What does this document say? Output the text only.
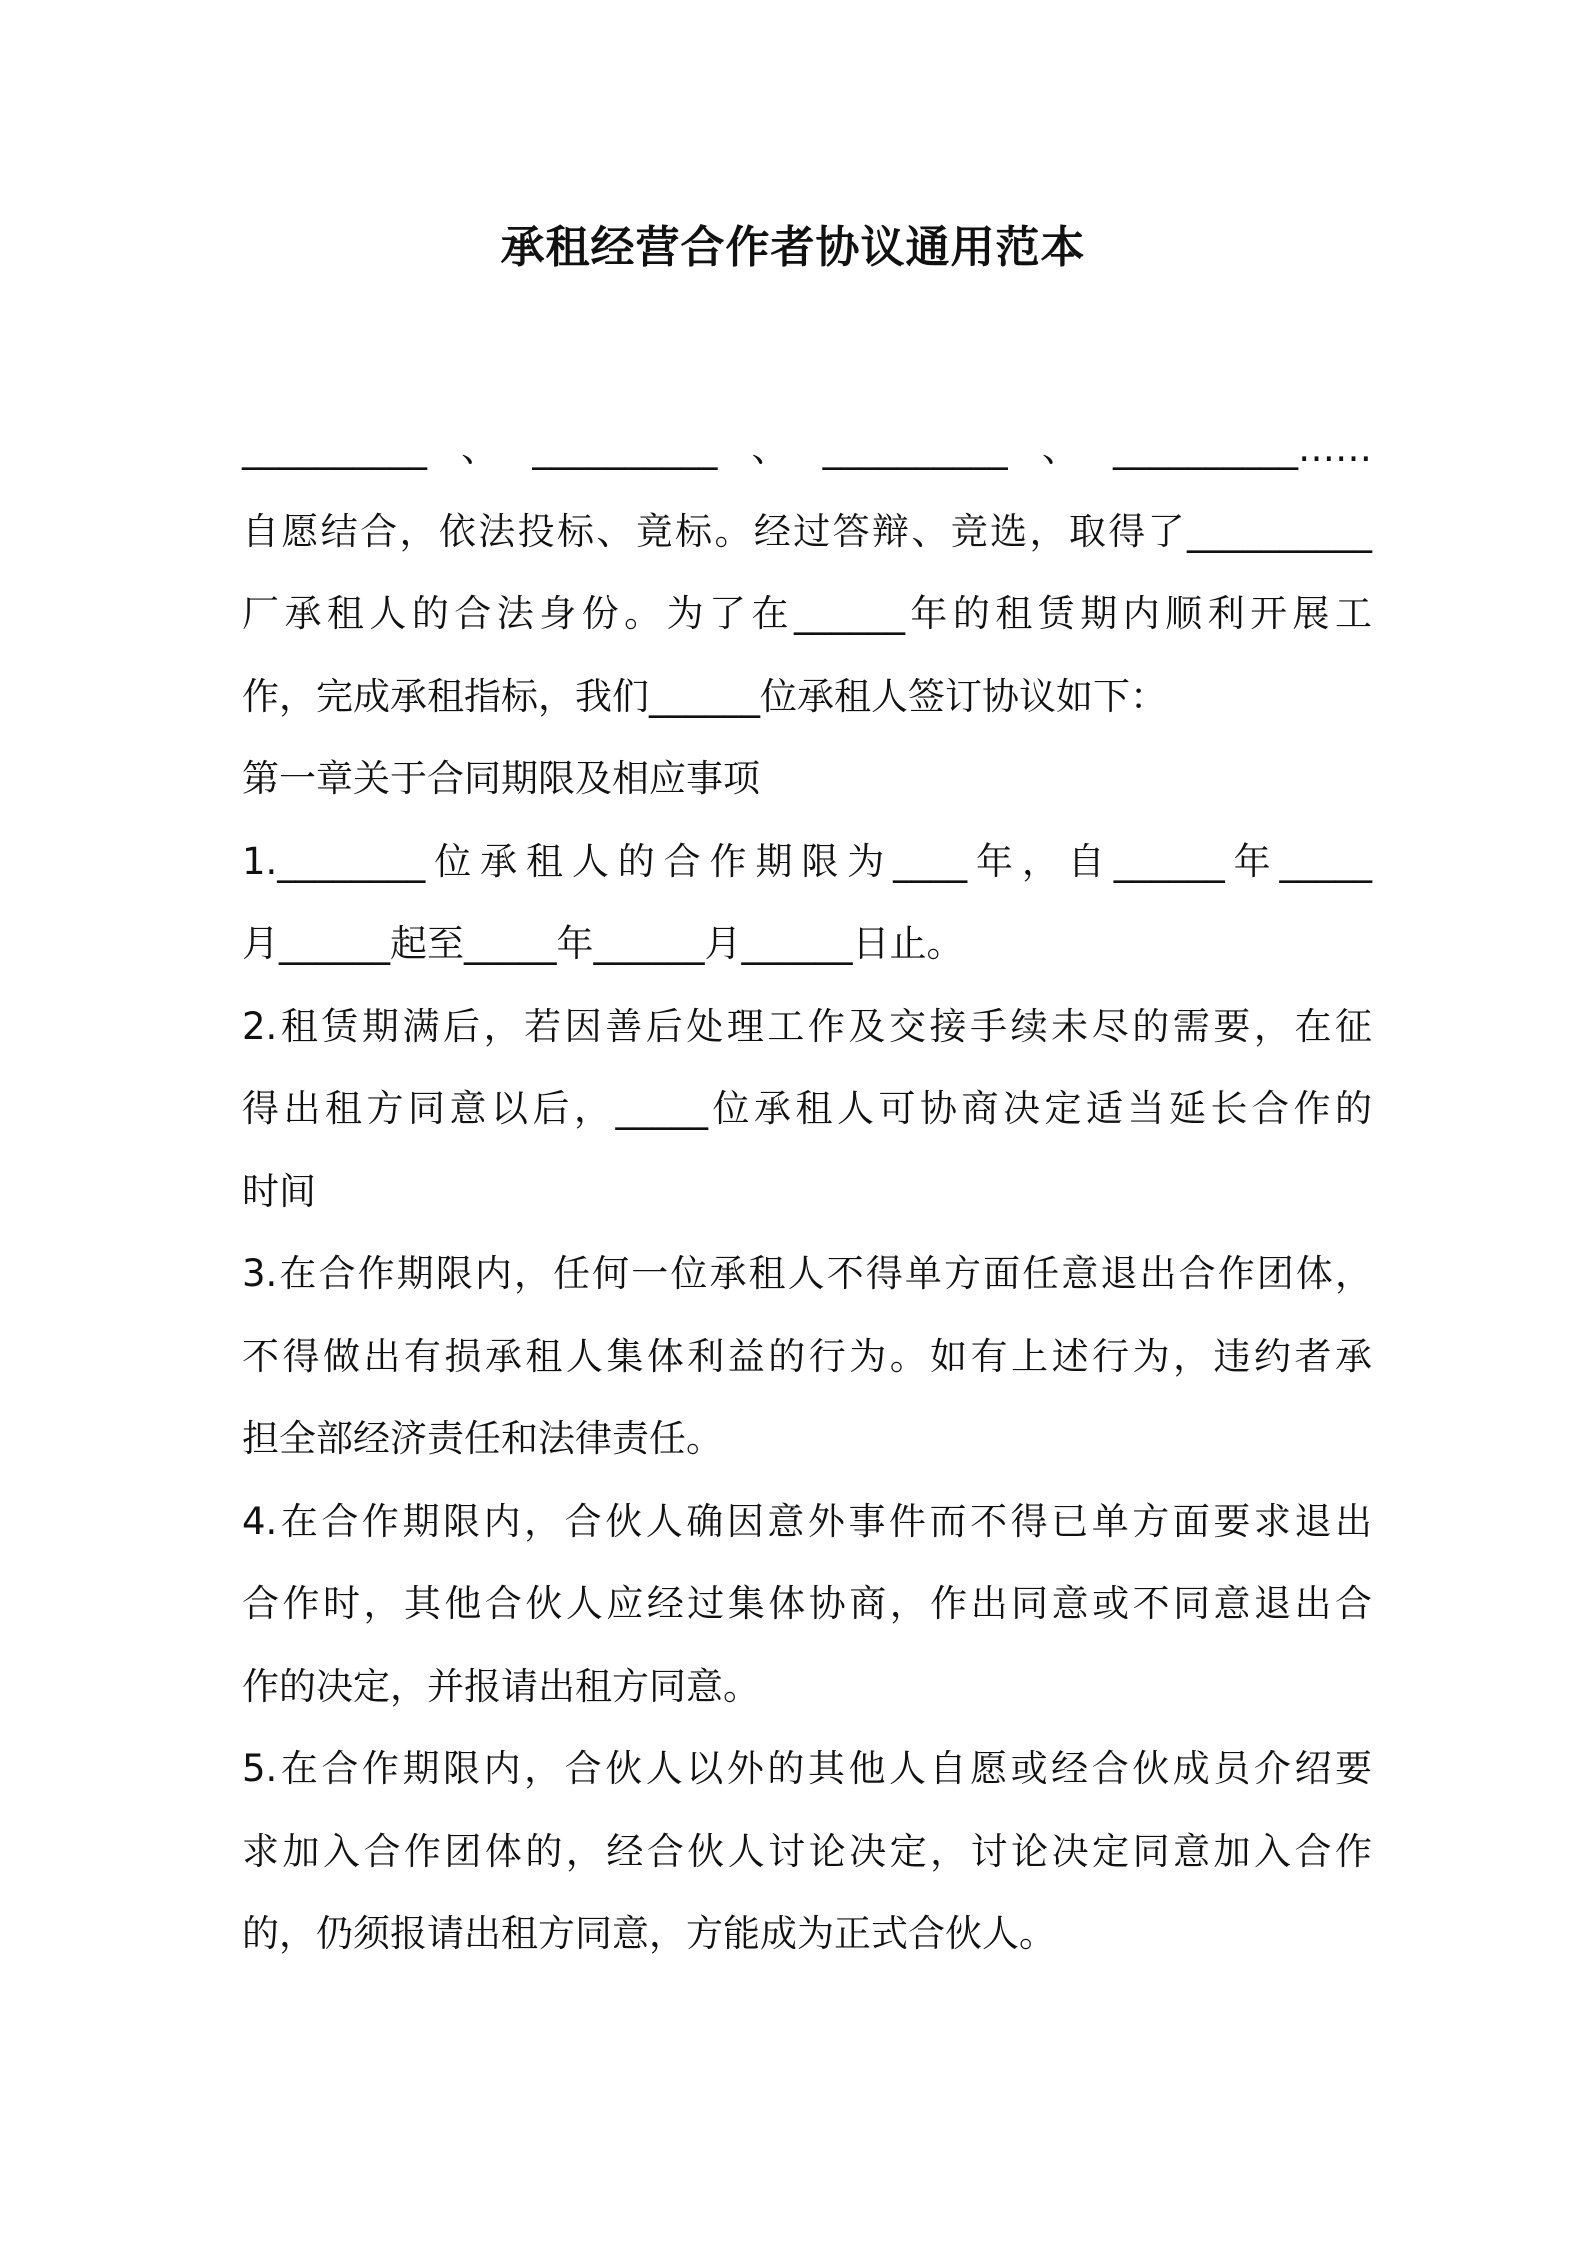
承租经营合作者协议通用范本
__________、__________、__________、__________……
自愿结合，依法投标、竟标。经过答辩、竞选，取得了__________
厂承租人的合法身份。为了在______年的租赁期内顺利开展工
作，完成承租指标，我们______位承租人签订协议如下：
第一章关于合同期限及相应事项
1.________位承租人的合作期限为____年，自______年_____
月______起至_____年______月______日止。
2.租赁期满后，若因善后处理工作及交接手续未尽的需要，在征
得出租方同意以后，_____位承租人可协商决定适当延长合作的
时间
3.在合作期限内，任何一位承租人不得单方面任意退出合作团体，
不得做出有损承租人集体利益的行为。如有上述行为，违约者承
担全部经济责任和法律责任。
4.在合作期限内，合伙人确因意外事件而不得已单方面要求退出
合作时，其他合伙人应经过集体协商，作出同意或不同意退出合
作的决定，并报请出租方同意。
5.在合作期限内，合伙人以外的其他人自愿或经合伙成员介绍要
求加入合作团体的，经合伙人讨论决定，讨论决定同意加入合作
的，仍须报请出租方同意，方能成为正式合伙人。
